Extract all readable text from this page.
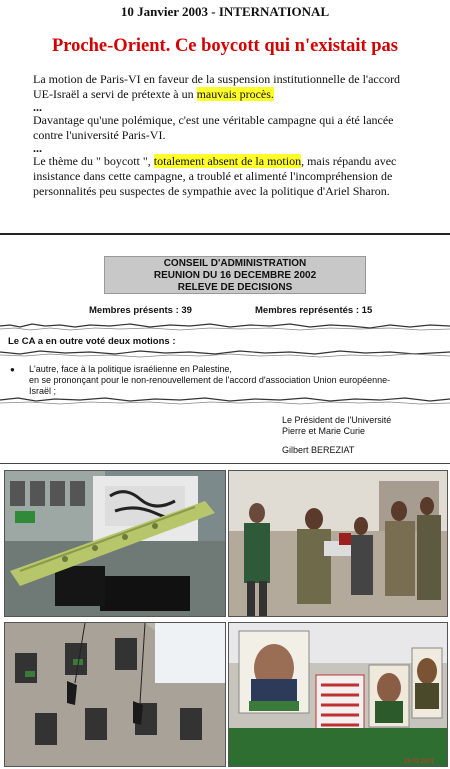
10 Janvier 2003 - INTERNATIONAL
Proche-Orient. Ce boycott qui n'existait pas

La motion de Paris-VI en faveur de la suspension institutionnelle de l'accord UE-Israël a servi de prétexte à un mauvais procès.

...

Davantage qu'une polémique, c'est une véritable campagne qui a été lancée contre l'université Paris-VI.

...

Le thème du " boycott ", totalement absent de la motion, mais répandu avec insistance dans cette campagne, a troublé et alimenté l'incompréhension de personnalités peu suspectes de sympathie avec la politique d'Ariel Sharon.

CONSEIL D'ADMINISTRATION
REUNION DU 16 DECEMBRE 2002
RELEVE DE DECISIONS
Membres présents : 39	Membres représentés : 15
Le CA a en outre voté deux motions :
● L'autre, face à la politique israélienne en Palestine,
en se prononçant pour le non-renouvellement de l'accord d'association Union européenne-
Israël ;
Le Président de l'Université
Pierre et Marie Curie
Gilbert BEREZIAT
28 02 2001
